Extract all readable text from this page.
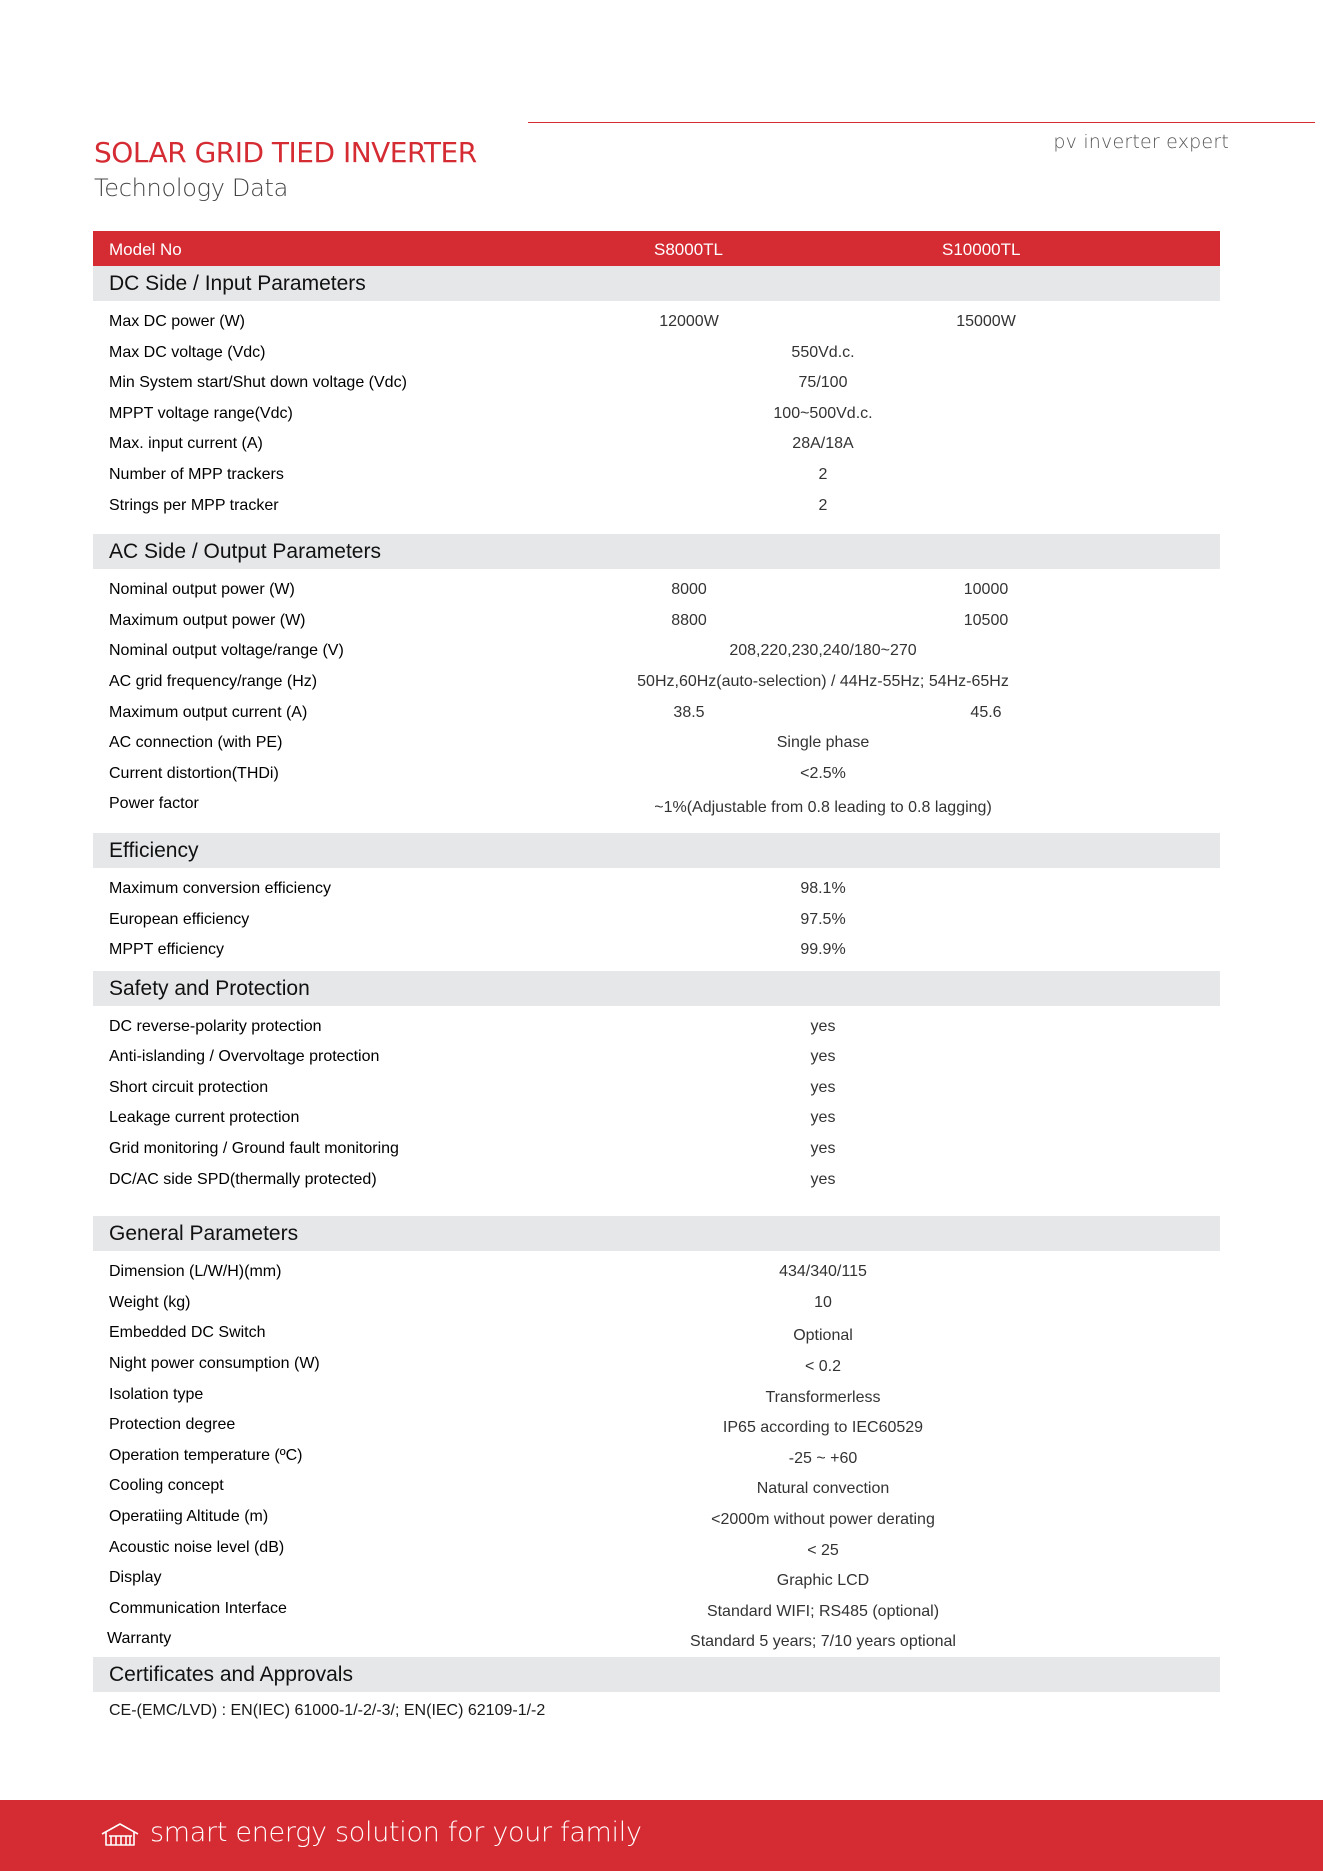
pv inverter expert
SOLAR GRID TIED INVERTER
Technology Data
Model No	S8000TL	S10000TL
DC Side / Input Parameters
Max DC power (W)	12000W	15000W
Max DC voltage (Vdc)	550Vd.c.
Min System start/Shut down voltage (Vdc)	75/100
MPPT voltage range(Vdc)	100~500Vd.c.
Max. input current (A)	28A/18A
Number of MPP trackers	2
Strings per MPP tracker	2
AC Side / Output Parameters
Nominal output power (W)	8000	10000
Maximum output power (W)	8800	10500
Nominal output voltage/range (V)	208,220,230,240/180~270
AC grid frequency/range (Hz)	50Hz,60Hz(auto-selection) / 44Hz-55Hz; 54Hz-65Hz
Maximum output current (A)	38.5	45.6
AC connection (with PE)	Single phase
Current distortion(THDi)	<2.5%
Power factor	~1%(Adjustable from 0.8 leading to 0.8 lagging)
Efficiency
Maximum conversion efficiency	98.1%
European efficiency	97.5%
MPPT efficiency	99.9%
Safety and Protection
DC reverse-polarity protection	yes
Anti-islanding / Overvoltage protection	yes
Short circuit protection	yes
Leakage current protection	yes
Grid monitoring / Ground fault monitoring	yes
DC/AC side SPD(thermally protected)	yes
General Parameters
Dimension (L/W/H)(mm)	434/340/115
Weight (kg)	10
Embedded DC Switch	Optional
Night power consumption (W)	< 0.2
Isolation type	Transformerless
Protection degree	IP65 according to IEC60529
Operation temperature (ºC)	-25 ~ +60
Cooling concept	Natural convection
Operatiing Altitude (m)	<2000m without power derating
Acoustic noise level (dB)	< 25
Display	Graphic LCD
Communication Interface	Standard WIFI; RS485 (optional)
Warranty	Standard 5 years; 7/10 years optional
Certificates and Approvals
CE-(EMC/LVD) : EN(IEC) 61000-1/-2/-3/; EN(IEC) 62109-1/-2
smart energy solution for your family
